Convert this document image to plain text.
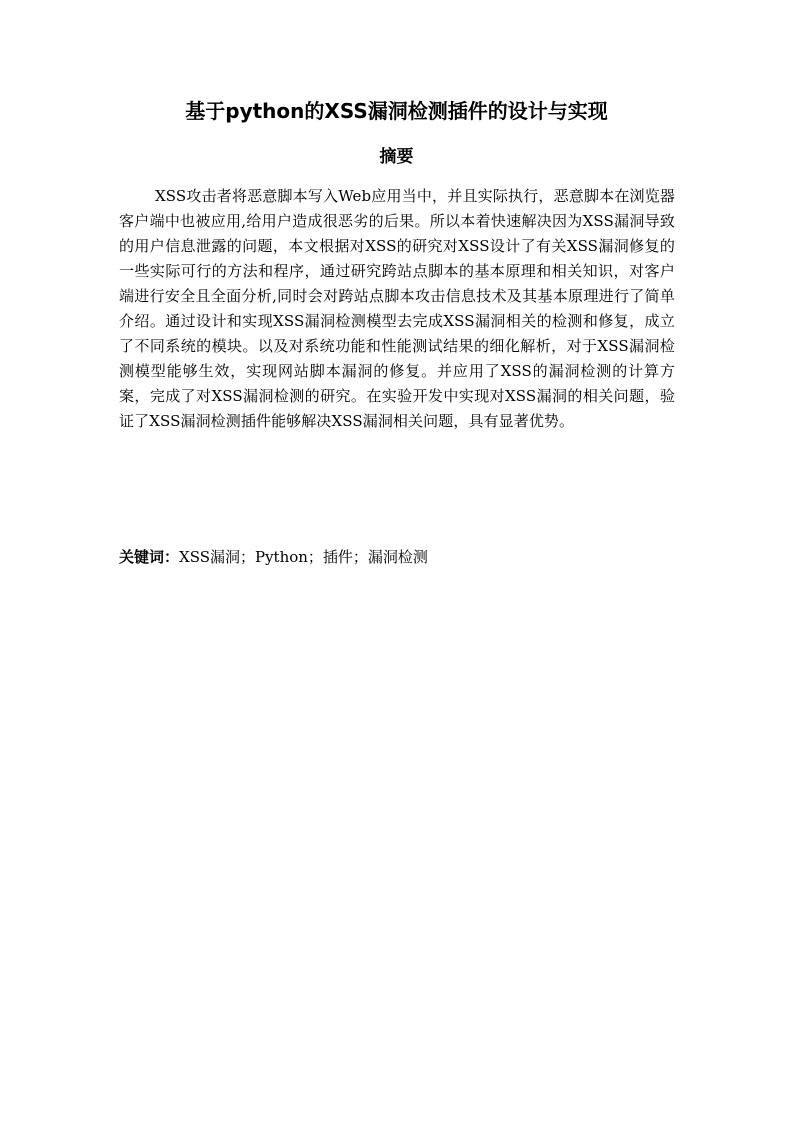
基于python的XSS漏洞检测插件的设计与实现
摘要

XSS攻击者将恶意脚本写入Web应用当中，并且实际执行，恶意脚本在浏览器客户端中也被应用,给用户造成很恶劣的后果。所以本着快速解决因为XSS漏洞导致的用户信息泄露的问题，本文根据对XSS的研究对XSS设计了有关XSS漏洞修复的一些实际可行的方法和程序，通过研究跨站点脚本的基本原理和相关知识，对客户端进行安全且全面分析,同时会对跨站点脚本攻击信息技术及其基本原理进行了简单介绍。通过设计和实现XSS漏洞检测模型去完成XSS漏洞相关的检测和修复，成立了不同系统的模块。以及对系统功能和性能测试结果的细化解析，对于XSS漏洞检测模型能够生效，实现网站脚本漏洞的修复。并应用了XSS的漏洞检测的计算方案，完成了对XSS漏洞检测的研究。在实验开发中实现对XSS漏洞的相关问题，验证了XSS漏洞检测插件能够解决XSS漏洞相关问题，具有显著优势。

关键词：XSS漏洞；Python；插件；漏洞检测
